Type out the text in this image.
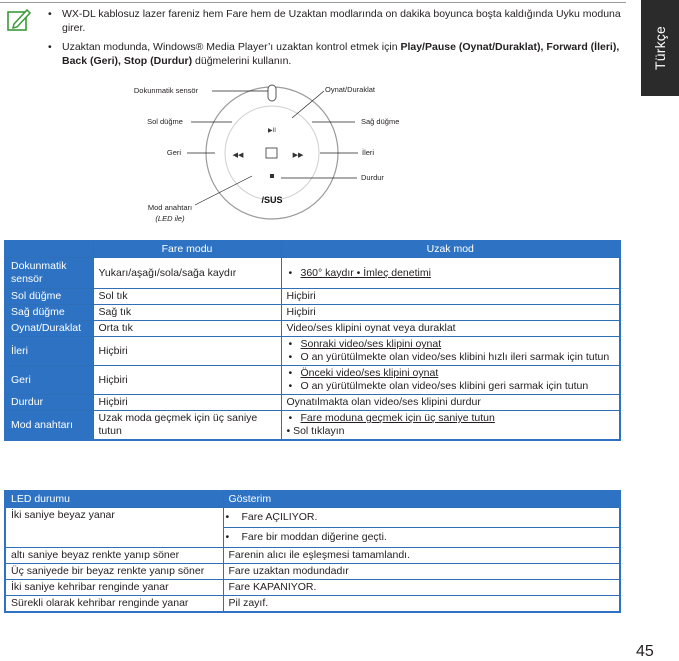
• WX-DL kablosuz lazer fareniz hem Fare hem de Uzaktan modlarında on dakika boyunca boşta kaldığında Uyku moduna girer.
• Uzaktan modunda, Windows® Media Player’ı uzaktan kontrol etmek için Play/Pause (Oynat/Duraklat), Forward (İleri), Back (Geri), Stop (Durdur) düğmelerini kullanın.	Türkçe
▶II
◀◀	▶▶
/SUS
Dokunmatik sensör	Oynat/Duraklat
Sol düğme	Sağ düğme
Geri	İleri
Durdur
Mod anahtarı
(LED ile)
	Fare modu	Uzak mod
Dokunmatik sensör	Yukarı/aşağı/sola/sağa kaydır	• 360° kaydır • İmleç denetimi

Sol düğme	Sol tık	Hiçbiri
Sağ düğme	Sağ tık	Hiçbiri
Oynat/Duraklat	Orta tık	Video/ses klipini oynat veya duraklat
İleri	Hiçbiri	• Sonraki video/ses klipini oynat
• O an yürütülmekte olan video/ses klibini hızlı ileri sarmak için tutun

Geri	Hiçbiri	• Önceki video/ses klipini oynat
• O an yürütülmekte olan video/ses klibini geri sarmak için tutun

Durdur	Hiçbiri	Oynatılmakta olan video/ses klipini durdur
Mod anahtarı	Uzak moda geçmek için üç saniye tutun	• Fare moduna geçmek için üç saniye tutun
• Sol tıklayın
LED durumu	Gösterim
İki saniye beyaz yanar	• Fare AÇILIYOR.
• Fare bir moddan diğerine geçti.

altı saniye beyaz renkte yanıp söner	Farenin alıcı ile eşleşmesi tamamlandı.
Üç saniyede bir beyaz renkte yanıp söner	Fare uzaktan modundadır
İki saniye kehribar renginde yanar	Fare KAPANIYOR.
Sürekli olarak kehribar renginde yanar	Pil zayıf.
45
